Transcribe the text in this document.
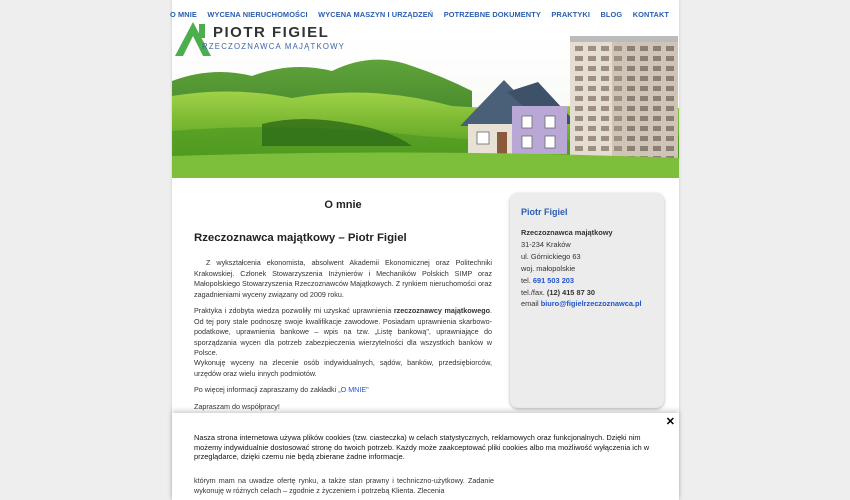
O MNIE WYCENA NIERUCHOMOŚCI WYCENA MASZYN I URZĄDZEŃ POTRZEBNE DOKUMENTY PRAKTYKI BLOG KONTAKT
PIOTR FIGIEL
RZECZOZNAWCA MAJĄTKOWY
O mnie
Rzeczoznawca majątkowy – Piotr Figiel

Z wykształcenia ekonomista, absolwent Akademii Ekonomicznej oraz Politechniki Krakowskiej. Członek Stowarzyszenia Inżynierów i Mechaników Polskich SIMP oraz Małopolskiego Stowarzyszenia Rzeczoznawców Majątkowych. Z rynkiem nieruchomości oraz zagadnieniami wyceny związany od 2009 roku.

Praktyka i zdobyta wiedza pozwoliły mi uzyskać uprawnienia rzeczoznawcy majątkowego. Od tej pory stale podnoszę swoje kwalifikacje zawodowe. Posiadam uprawnienia skarbowo-podatkowe, uprawnienia bankowe – wpis na tzw. „Listę bankową", uprawniające do sporządzania wycen dla potrzeb zabezpieczenia wierzytelności dla wszystkich banków w Polsce.
Wykonuję wyceny na zlecenie osób indywidualnych, sądów, banków, przedsiębiorców, urzędów oraz wielu innych podmiotów.

Po więcej informacji zapraszamy do zakładki „O MNIE"

Zapraszam do współpracy!

Piotr Figiel
Rzeczoznawca majątkowy
31-234 Kraków
ul. Górnickiego 63
woj. małopolskie
tel. 691 503 203
tel./fax. (12) 415 87 30
email biuro@figielrzeczoznawca.pl
✕
Nasza strona internetowa używa plików cookies (tzw. ciasteczka) w celach statystycznych, reklamowych oraz funkcjonalnych. Dzięki nim możemy indywidualnie dostosować stronę do twoich potrzeb. Każdy może zaakceptować pliki cookies albo ma możliwość wyłączenia ich w przeglądarce, dzięki czemu nie będą zbierane żadne informacje.
którym mam na uwadze ofertę rynku, a także stan prawny i techniczno-użytkowy. Zadanie wykonuję w różnych celach – zgodnie z życzeniem i potrzebą Klienta. Zlecenia
